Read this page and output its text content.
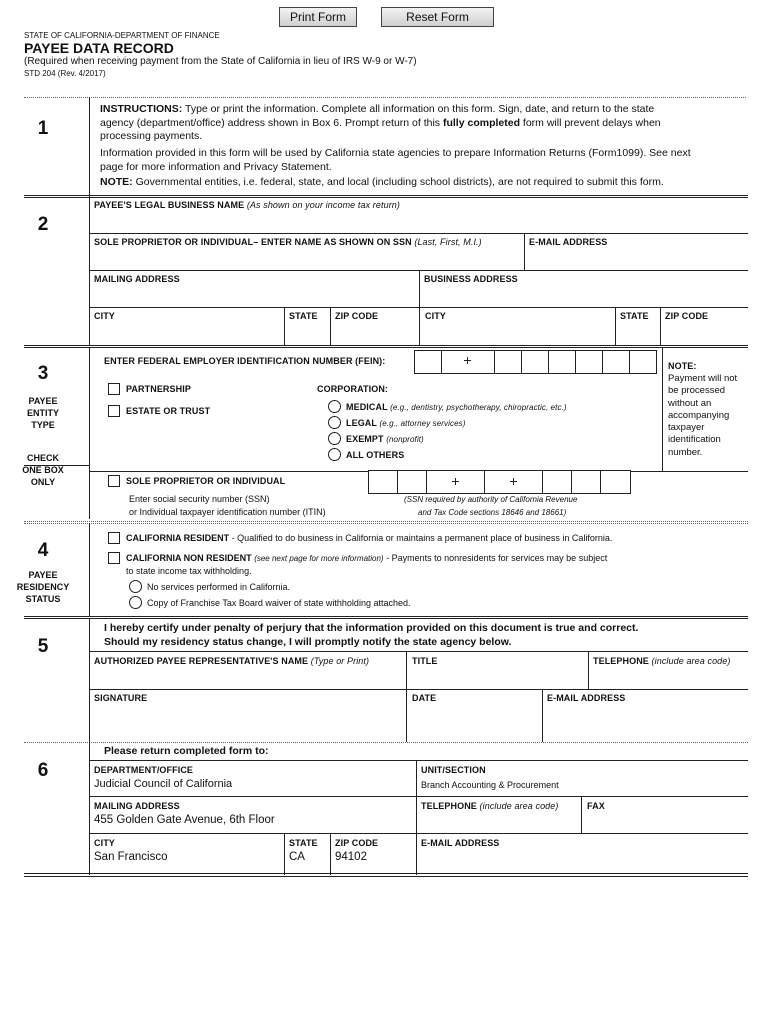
Print Form	Reset Form
STATE OF CALIFORNIA-DEPARTMENT OF FINANCE
PAYEE DATA RECORD
(Required when receiving payment from the State of California in lieu of IRS W-9 or W-7)
STD 204 (Rev. 4/2017)
1
INSTRUCTIONS: Type or print the information. Complete all information on this form. Sign, date, and return to the state
agency (department/office) address shown in Box 6. Prompt return of this fully completed form will prevent delays when
processing payments.
Information provided in this form will be used by California state agencies to prepare Information Returns (Form1099). See next
page for more information and Privacy Statement.
NOTE: Governmental entities, i.e. federal, state, and local (including school districts), are not required to submit this form.
2
PAYEE'S LEGAL BUSINESS NAME (As shown on your income tax return)
SOLE PROPRIETOR OR INDIVIDUAL– ENTER NAME AS SHOWN ON SSN (Last, First, M.I.)	E-MAIL ADDRESS
MAILING ADDRESS	BUSINESS ADDRESS
CITY	STATE ZIP CODE	CITY	STATE ZIP CODE
3
PAYEE
ENTITY
TYPE
CHECK
ONE BOX
ONLY
ENTER FEDERAL EMPLOYER IDENTIFICATION NUMBER (FEIN):	NOTE:
Payment will not
be processed
without an
accompanying
taxpayer
identification
number.
PARTNERSHIP
ESTATE OR TRUST
CORPORATION:
MEDICAL (e.g., dentistry, psychotherapy, chiropractic, etc.)
LEGAL (e.g., attorney services)
EXEMPT (nonprofit)
ALL OTHERS
SOLE PROPRIETOR OR INDIVIDUAL
Enter social security number (SSN)
or Individual taxpayer identification number (ITIN)
(SSN required by authority of California Revenue
and Tax Code sections 18646 and 18661)
4
PAYEE
RESIDENCY
STATUS
CALIFORNIA RESIDENT - Qualified to do business in California or maintains a permanent place of business in California.
CALIFORNIA NON RESIDENT (see next page for more information) - Payments to nonresidents for services may be subject
to state income tax withholding.
No services performed in California.
Copy of Franchise Tax Board waiver of state withholding attached.
5
I hereby certify under penalty of perjury that the information provided on this document is true and correct.
Should my residency status change, I will promptly notify the state agency below.
AUTHORIZED PAYEE REPRESENTATIVE'S NAME (Type or Print)	TITLE	TELEPHONE (include area code)
SIGNATURE	DATE	E-MAIL ADDRESS
6
Please return completed form to:
DEPARTMENT/OFFICE
Judicial Council of California
UNIT/SECTION
Branch Accounting & Procurement
MAILING ADDRESS
455 Golden Gate Avenue, 6th Floor
TELEPHONE (include area code)	FAX
CITY
San Francisco
STATE
CA
ZIP CODE
94102
E-MAIL ADDRESS
